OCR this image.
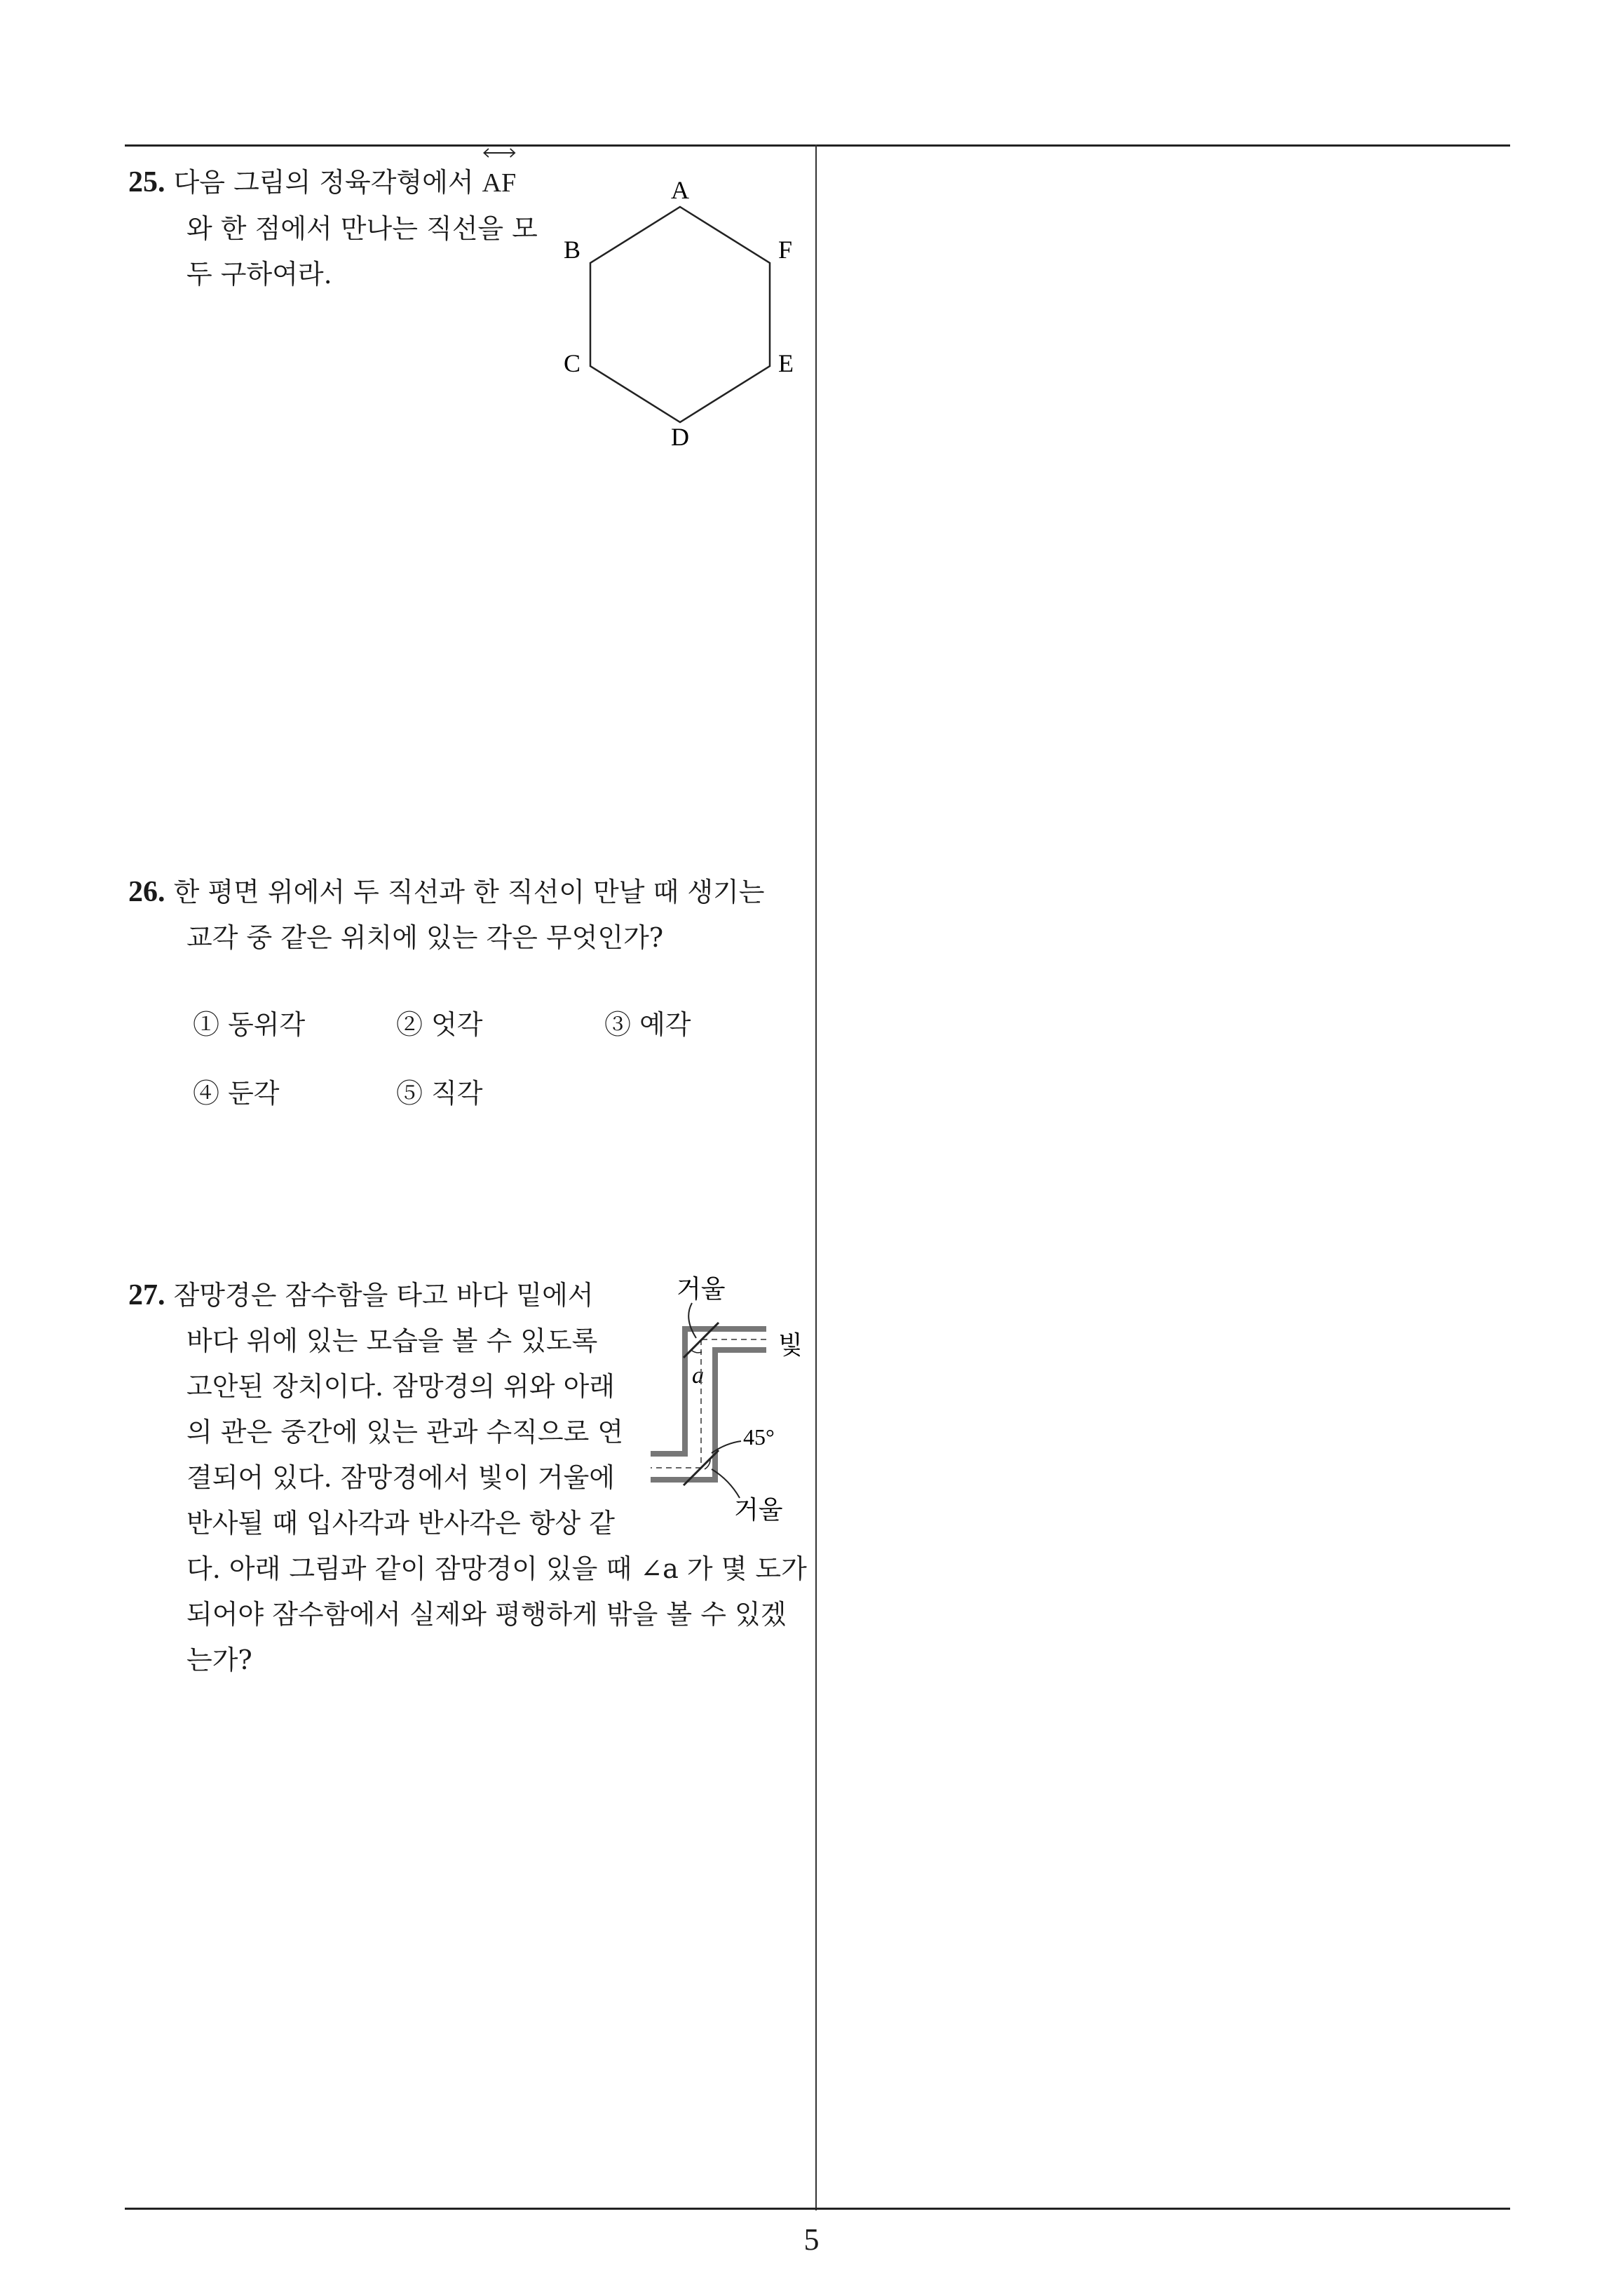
25. 다음 그림의 정육각형에서 AF
와 한 점에서 만나는 직선을 모
두 구하여라.
A
B	F
C	E
D
26. 한 평면 위에서 두 직선과 한 직선이 만날 때 생기는
교각 중 같은 위치에 있는 각은 무엇인가?
① 동위각	② 엇각	③ 예각
④ 둔각	⑤ 직각
27. 잠망경은 잠수함을 타고 바다 밑에서
바다 위에 있는 모습을 볼 수 있도록
고안된 장치이다. 잠망경의 위와 아래
의 관은 중간에 있는 관과 수직으로 연
결되어 있다. 잠망경에서 빛이 거울에
반사될 때 입사각과 반사각은 항상 같
다. 아래 그림과 같이 잠망경이 있을 때 ∠a 가 몇 도가
되어야 잠수함에서 실제와 평행하게 밖을 볼 수 있겠
는가?
거울
빛
a
45°
거울
5
